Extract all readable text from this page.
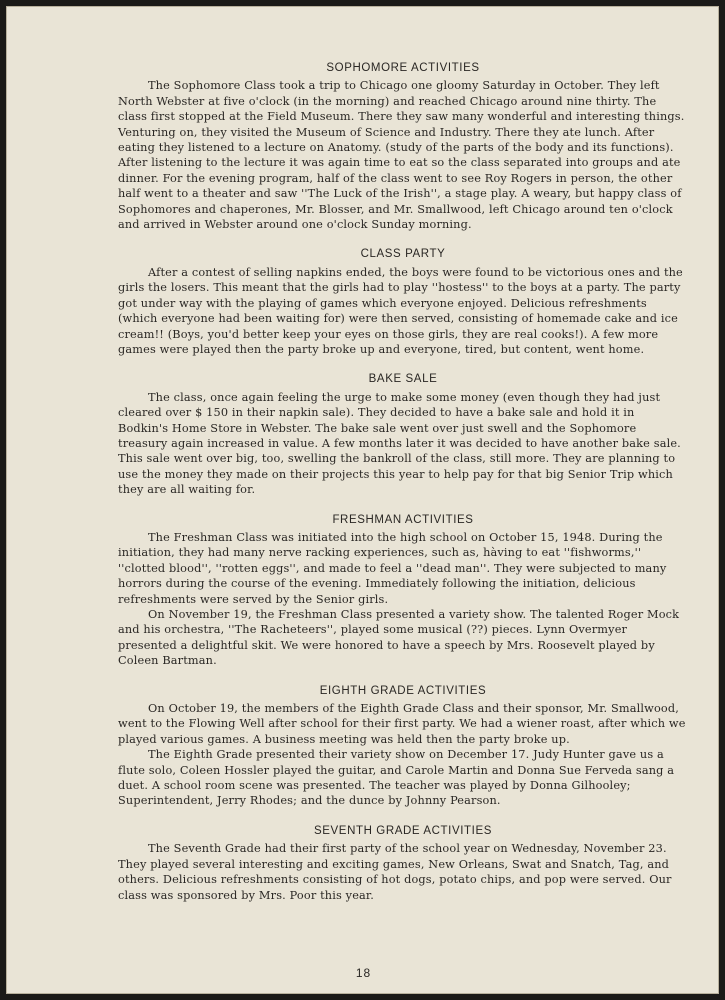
SOPHOMORE ACTIVITIES

The Sophomore Class took a trip to Chicago one gloomy Saturday in October. They left North Webster at five o'clock (in the morning) and reached Chicago around nine thirty. The class first stopped at the Field Museum. There they saw many wonderful and interesting things. Venturing on, they visited the Museum of Science and Industry. There they ate lunch. After eating they listened to a lecture on Anatomy. (study of the parts of the body and its functions). After listening to the lecture it was again time to eat so the class separated into groups and ate dinner. For the evening program, half of the class went to see Roy Rogers in person, the other half went to a theater and saw ''The Luck of the Irish'', a stage play. A weary, but happy class of Sophomores and chaperones, Mr. Blosser, and Mr. Smallwood, left Chicago around ten o'clock and arrived in Webster around one o'clock Sunday morning.

CLASS PARTY

After a contest of selling napkins ended, the boys were found to be victorious ones and the girls the losers. This meant that the girls had to play ''hostess'' to the boys at a party. The party got under way with the playing of games which everyone enjoyed. Delicious refreshments (which everyone had been waiting for) were then served, consisting of homemade cake and ice cream!! (Boys, you'd better keep your eyes on those girls, they are real cooks!). A few more games were played then the party broke up and everyone, tired, but content, went home.

BAKE SALE

The class, once again feeling the urge to make some money (even though they had just cleared over $ 150 in their napkin sale). They decided to have a bake sale and hold it in Bodkin's Home Store in Webster. The bake sale went over just swell and the Sophomore treasury again increased in value. A few months later it was decided to have another bake sale. This sale went over big, too, swelling the bankroll of the class, still more. They are planning to use the money they made on their projects this year to help pay for that big Senior Trip which they are all waiting for.

FRESHMAN ACTIVITIES

The Freshman Class was initiated into the high school on October 15, 1948. During the initiation, they had many nerve racking experiences, such as, hàving to eat ''fishworms,'' ''clotted blood'', ''rotten eggs'', and made to feel a ''dead man''. They were subjected to many horrors during the course of the evening. Immediately following the initiation, delicious refreshments were served by the Senior girls.

On November 19, the Freshman Class presented a variety show. The talented Roger Mock and his orchestra, ''The Racheteers'', played some musical (??) pieces. Lynn Overmyer presented a delightful skit. We were honored to have a speech by Mrs. Roosevelt played by Coleen Bartman.

EIGHTH GRADE ACTIVITIES

On October 19, the members of the Eighth Grade Class and their sponsor, Mr. Smallwood, went to the Flowing Well after school for their first party. We had a wiener roast, after which we played various games. A business meeting was held then the party broke up.

The Eighth Grade presented their variety show on December 17. Judy Hunter gave us a flute solo, Coleen Hossler played the guitar, and Carole Martin and Donna Sue Ferveda sang a duet. A school room scene was presented. The teacher was played by Donna Gilhooley; Superintendent, Jerry Rhodes; and the dunce by Johnny Pearson.

SEVENTH GRADE ACTIVITIES

The Seventh Grade had their first party of the school year on Wednesday, November 23. They played several interesting and exciting games, New Orleans, Swat and Snatch, Tag, and others. Delicious refreshments consisting of hot dogs, potato chips, and pop were served. Our class was sponsored by Mrs. Poor this year.

18
